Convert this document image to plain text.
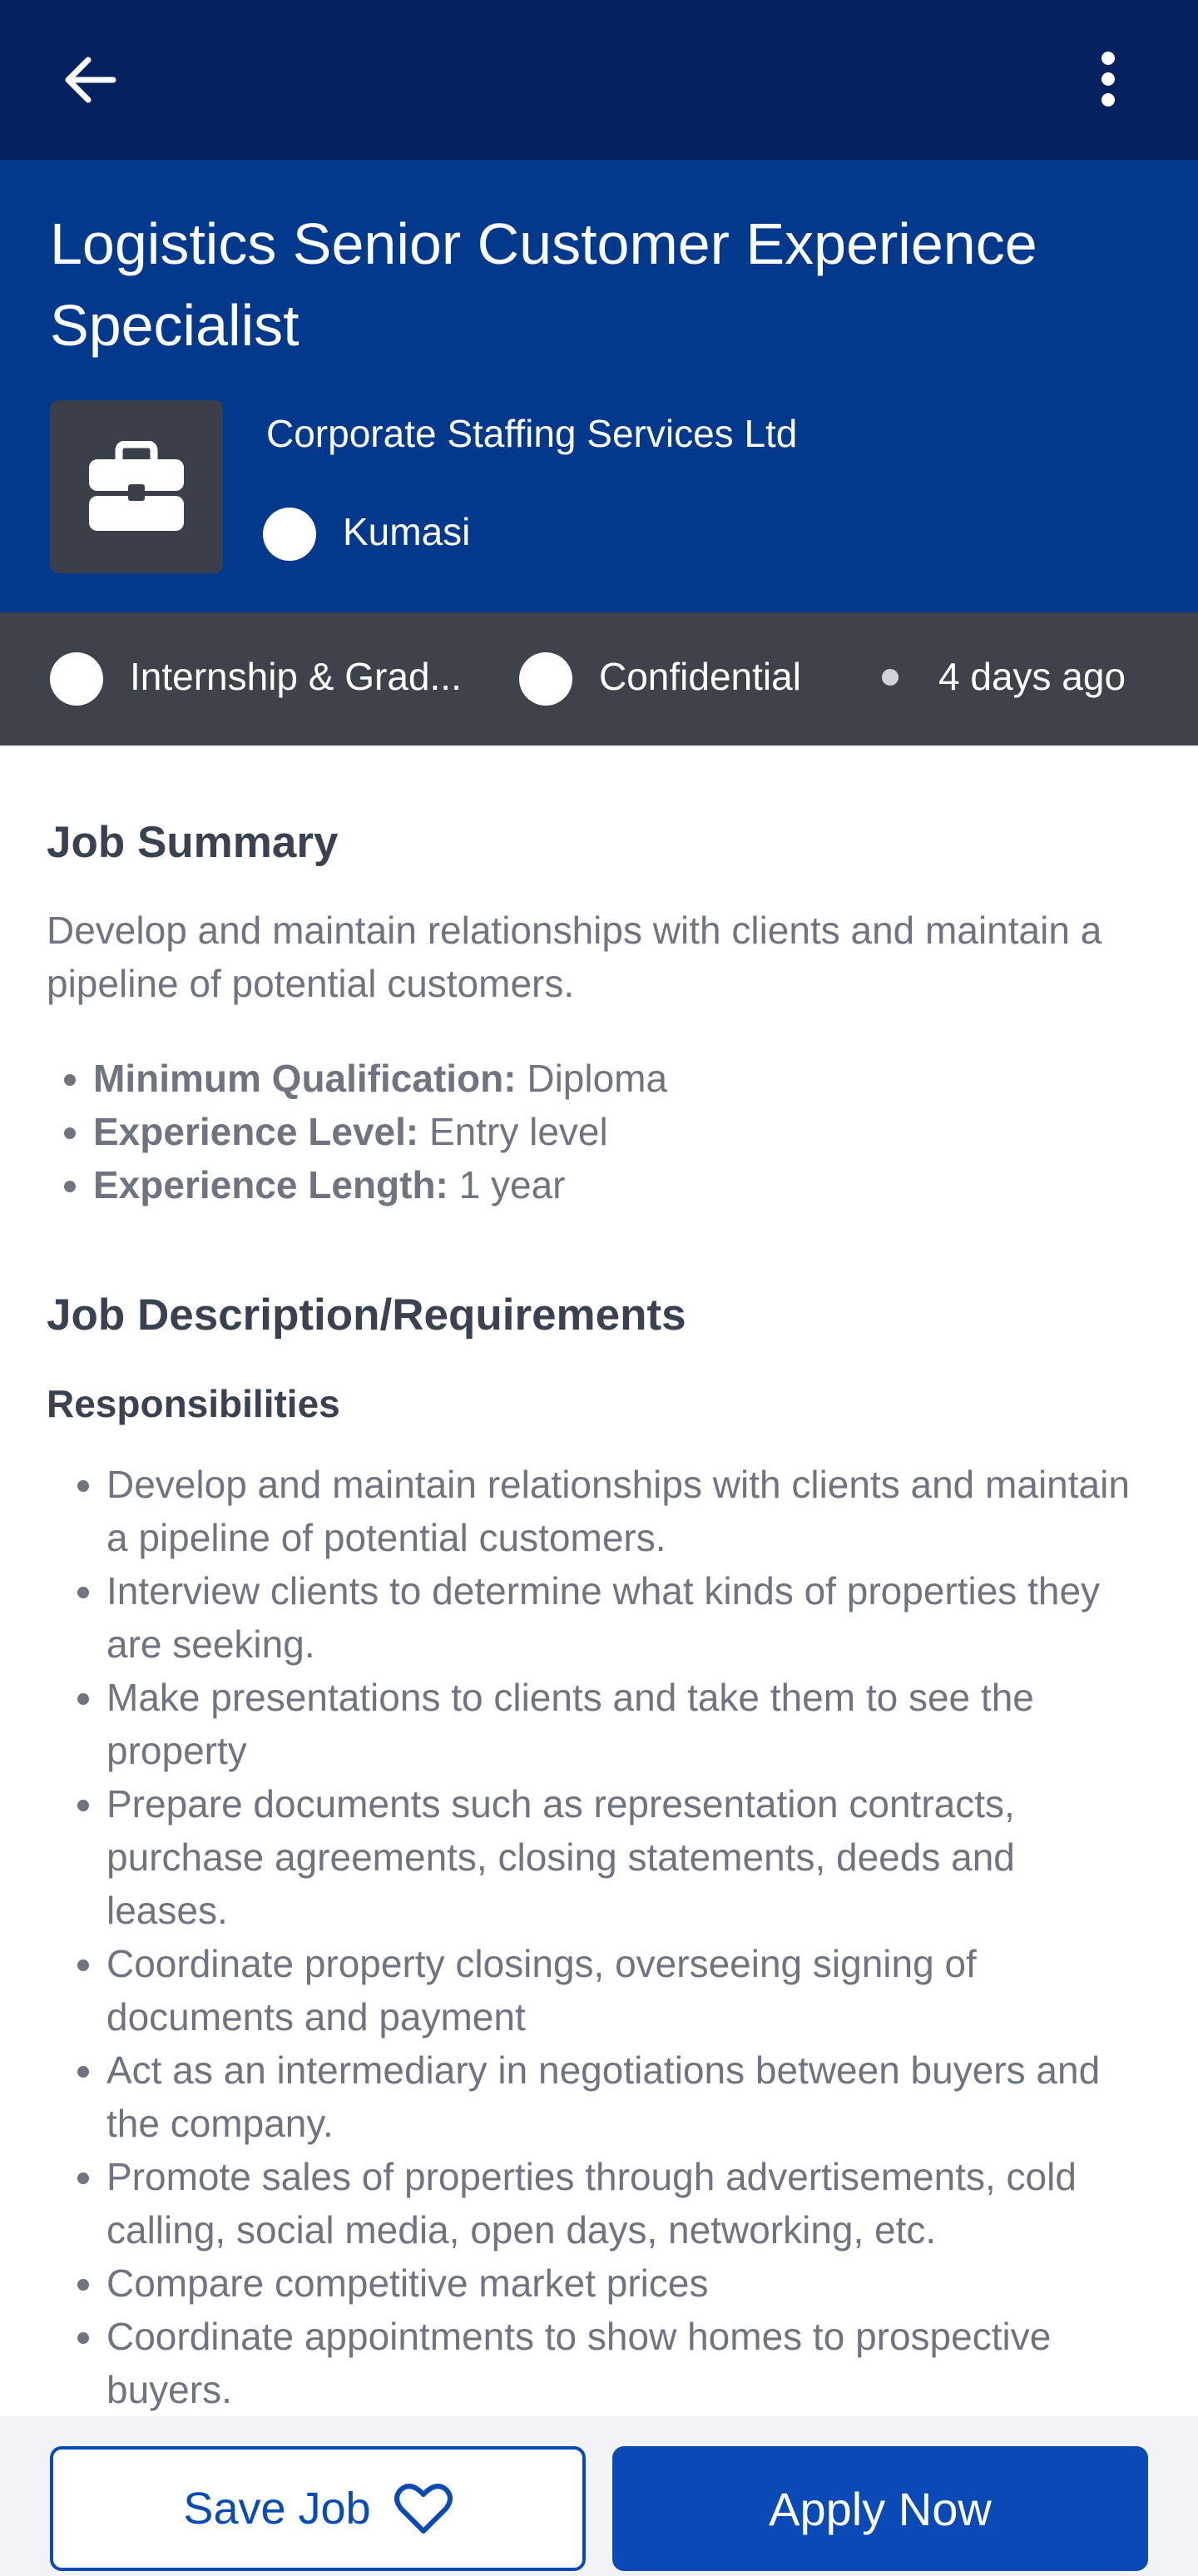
Logistics Senior Customer Experience Specialist
Corporate Staffing Services Ltd
Kumasi
Internship & Grad...	Confidential	4 days ago
Job Summary
Develop and maintain relationships with clients and maintain a pipeline of potential customers.
• Minimum Qualification: Diploma
• Experience Level: Entry level
• Experience Length: 1 year
Job Description/Requirements
Responsibilities
• Develop and maintain relationships with clients and maintain a pipeline of potential customers.
• Interview clients to determine what kinds of properties they are seeking.
• Make presentations to clients and take them to see the property
• Prepare documents such as representation contracts, purchase agreements, closing statements, deeds and leases.
• Coordinate property closings, overseeing signing of documents and payment
• Act as an intermediary in negotiations between buyers and the company.
• Promote sales of properties through advertisements, cold calling, social media, open days, networking, etc.
• Compare competitive market prices
• Coordinate appointments to show homes to prospective buyers.
Save Job	Apply Now
